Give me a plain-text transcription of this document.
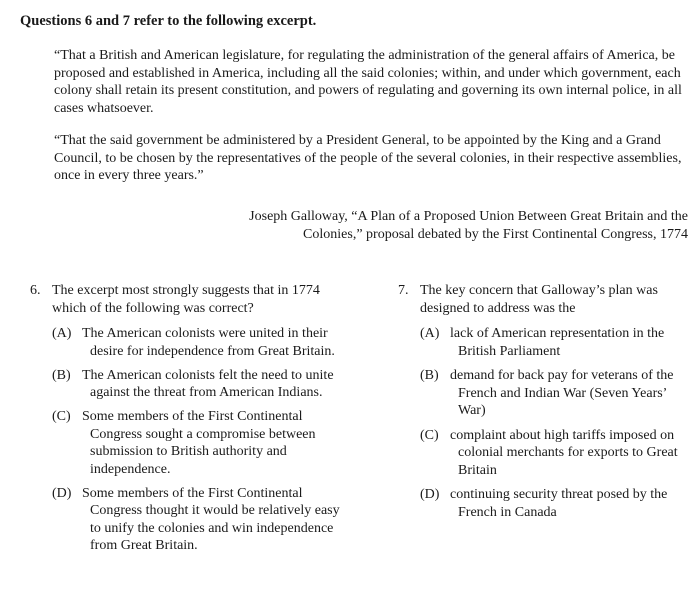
Questions 6 and 7 refer to the following excerpt.
“That a British and American legislature, for regulating the administration of the general affairs of America, be proposed and established in America, including all the said colonies; within, and under which government, each colony shall retain its present constitution, and powers of regulating and governing its own internal police, in all cases whatsoever.
“That the said government be administered by a President General, to be appointed by the King and a Grand Council, to be chosen by the representatives of the people of the several colonies, in their respective assemblies, once in every three years.”
Joseph Galloway, “A Plan of a Proposed Union Between Great Britain and the Colonies,” proposal debated by the First Continental Congress, 1774
6. The excerpt most strongly suggests that in 1774 which of the following was correct?
(A) The American colonists were united in their desire for independence from Great Britain.
(B) The American colonists felt the need to unite against the threat from American Indians.
(C) Some members of the First Continental Congress sought a compromise between submission to British authority and independence.
(D) Some members of the First Continental Congress thought it would be relatively easy to unify the colonies and win independence from Great Britain.
7. The key concern that Galloway’s plan was designed to address was the
(A) lack of American representation in the British Parliament
(B) demand for back pay for veterans of the French and Indian War (Seven Years’ War)
(C) complaint about high tariffs imposed on colonial merchants for exports to Great Britain
(D) continuing security threat posed by the French in Canada
